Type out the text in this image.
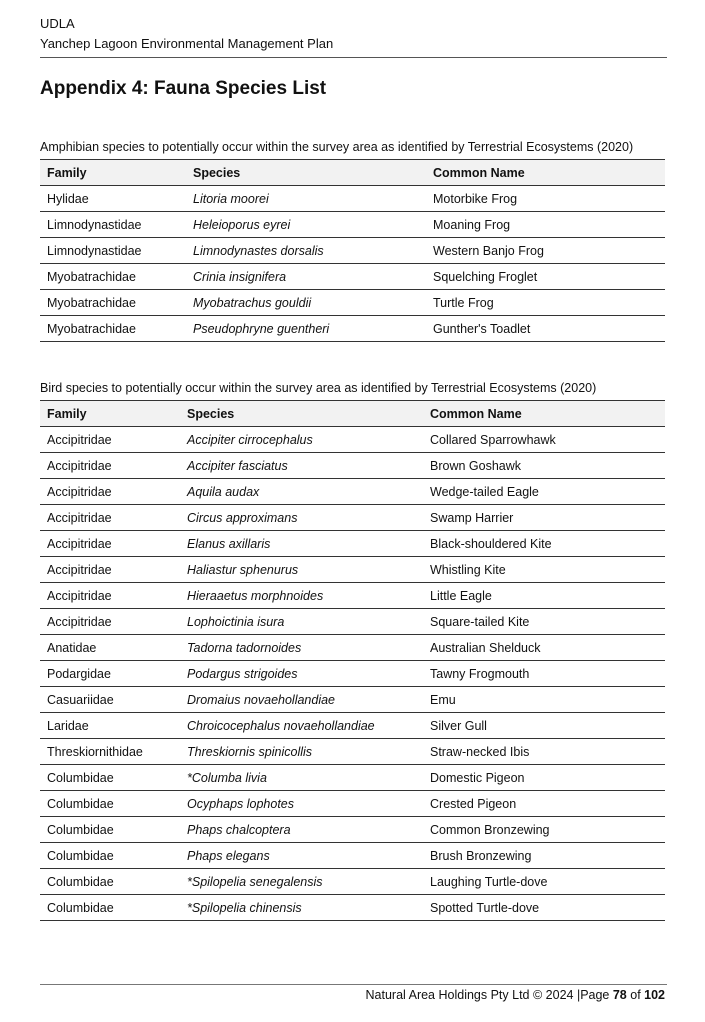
UDLA
Yanchep Lagoon Environmental Management Plan
Appendix 4: Fauna Species List
Amphibian species to potentially occur within the survey area as identified by Terrestrial Ecosystems (2020)
Family	Species	Common Name
Hylidae	Litoria moorei	Motorbike Frog
Limnodynastidae	Heleioporus eyrei	Moaning Frog
Limnodynastidae	Limnodynastes dorsalis	Western Banjo Frog
Myobatrachidae	Crinia insignifera	Squelching Froglet
Myobatrachidae	Myobatrachus gouldii	Turtle Frog
Myobatrachidae	Pseudophryne guentheri	Gunther's Toadlet
Bird species to potentially occur within the survey area as identified by Terrestrial Ecosystems (2020)
Family	Species	Common Name
Accipitridae	Accipiter cirrocephalus	Collared Sparrowhawk
Accipitridae	Accipiter fasciatus	Brown Goshawk
Accipitridae	Aquila audax	Wedge-tailed Eagle
Accipitridae	Circus approximans	Swamp Harrier
Accipitridae	Elanus axillaris	Black-shouldered Kite
Accipitridae	Haliastur sphenurus	Whistling Kite
Accipitridae	Hieraaetus morphnoides	Little Eagle
Accipitridae	Lophoictinia isura	Square-tailed Kite
Anatidae	Tadorna tadornoides	Australian Shelduck
Podargidae	Podargus strigoides	Tawny Frogmouth
Casuariidae	Dromaius novaehollandiae	Emu
Laridae	Chroicocephalus novaehollandiae	Silver Gull
Threskiornithidae	Threskiornis spinicollis	Straw-necked Ibis
Columbidae	*Columba livia	Domestic Pigeon
Columbidae	Ocyphaps lophotes	Crested Pigeon
Columbidae	Phaps chalcoptera	Common Bronzewing
Columbidae	Phaps elegans	Brush Bronzewing
Columbidae	*Spilopelia senegalensis	Laughing Turtle-dove
Columbidae	*Spilopelia chinensis	Spotted Turtle-dove
Natural Area Holdings Pty Ltd © 2024 |Page 78 of 102
